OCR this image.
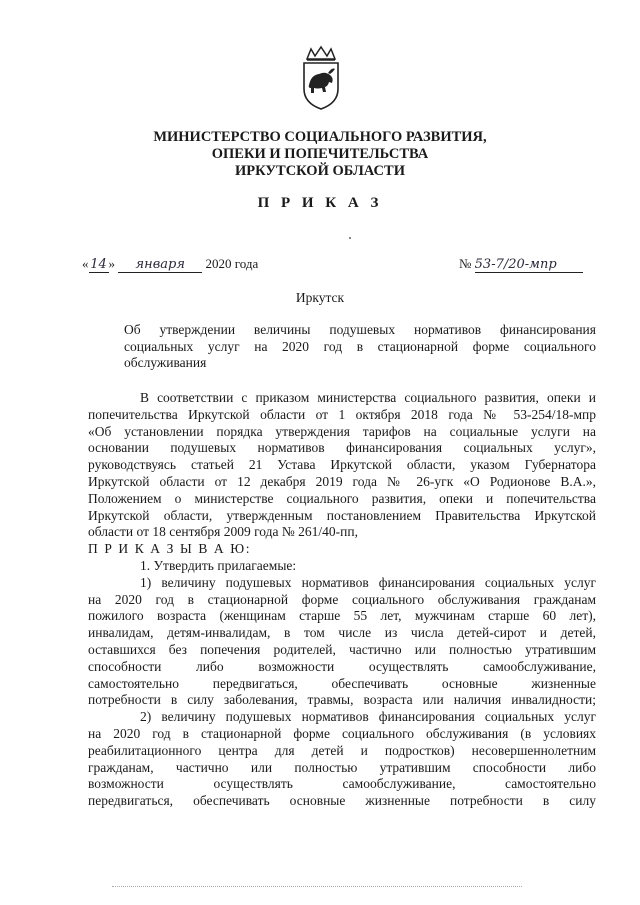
МИНИСТЕРСТВО СОЦИАЛЬНОГО РАЗВИТИЯ,
ОПЕКИ И ПОПЕЧИТЕЛЬСТВА
ИРКУТСКОЙ ОБЛАСТИ
П Р И К А З
« 14 » января 2020 года	№ 53-7/20-мпр
Иркутск
Об утверждении величины подушевых нормативов финансирования
социальных услуг на 2020 год в стационарной форме социального
обслуживания
В соответствии с приказом министерства социального развития, опеки и
попечительства Иркутской области от 1 октября 2018 года № 53-254/18-мпр
«Об установлении порядка утверждения тарифов на социальные услуги на
основании подушевых нормативов финансирования социальных услуг»,
руководствуясь статьей 21 Устава Иркутской области, указом Губернатора
Иркутской области от 12 декабря 2019 года № 26-угк «О Родионове В.А.»,
Положением о министерстве социального развития, опеки и попечительства
Иркутской области, утвержденным постановлением Правительства Иркутской
области от 18 сентября 2009 года № 261/40-пп,
П Р И К А З Ы В А Ю:
1. Утвердить прилагаемые:
1) величину подушевых нормативов финансирования социальных услуг
на 2020 год в стационарной форме социального обслуживания гражданам
пожилого возраста (женщинам старше 55 лет, мужчинам старше 60 лет),
инвалидам, детям-инвалидам, в том числе из числа детей-сирот и детей,
оставшихся без попечения родителей, частично или полностью утратившим
способности либо возможности осуществлять самообслуживание,
самостоятельно передвигаться, обеспечивать основные жизненные
потребности в силу заболевания, травмы, возраста или наличия инвалидности;
2) величину подушевых нормативов финансирования социальных услуг
на 2020 год в стационарной форме социального обслуживания (в условиях
реабилитационного центра для детей и подростков) несовершеннолетним
гражданам, частично или полностью утратившим способности либо
возможности осуществлять самообслуживание, самостоятельно
передвигаться, обеспечивать основные жизненные потребности в силу
